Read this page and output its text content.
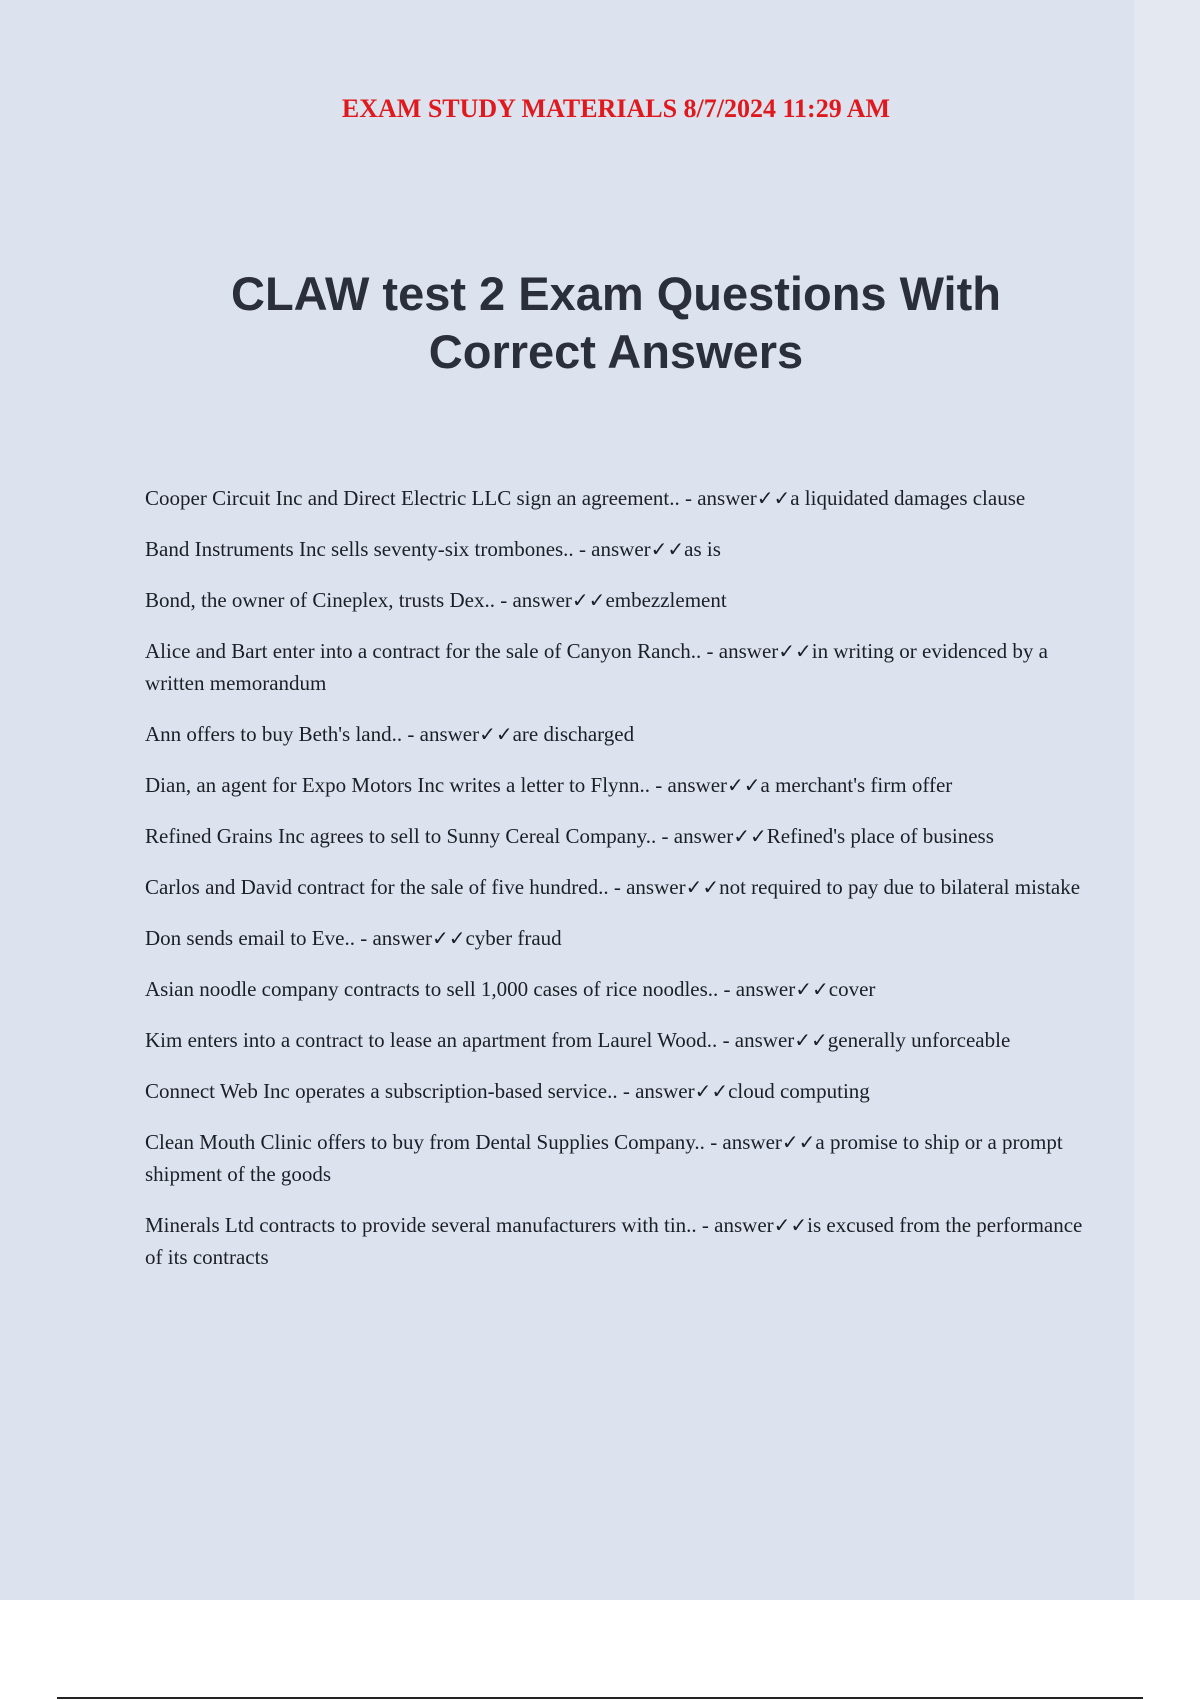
EXAM STUDY MATERIALS 8/7/2024 11:29 AM

CLAW test 2 Exam Questions With Correct Answers
Cooper Circuit Inc and Direct Electric LLC sign an agreement.. - answer✓✓a liquidated damages clause
Band Instruments Inc sells seventy-six trombones.. - answer✓✓as is
Bond, the owner of Cineplex, trusts Dex.. - answer✓✓embezzlement
Alice and Bart enter into a contract for the sale of Canyon Ranch.. - answer✓✓in writing or evidenced by a written memorandum
Ann offers to buy Beth's land.. - answer✓✓are discharged
Dian, an agent for Expo Motors Inc writes a letter to Flynn.. - answer✓✓a merchant's firm offer
Refined Grains Inc agrees to sell to Sunny Cereal Company.. - answer✓✓Refined's place of business
Carlos and David contract for the sale of five hundred.. - answer✓✓not required to pay due to bilateral mistake
Don sends email to Eve.. - answer✓✓cyber fraud
Asian noodle company contracts to sell 1,000 cases of rice noodles.. - answer✓✓cover
Kim enters into a contract to lease an apartment from Laurel Wood.. - answer✓✓generally unforceable
Connect Web Inc operates a subscription-based service.. - answer✓✓cloud computing
Clean Mouth Clinic offers to buy from Dental Supplies Company.. - answer✓✓a promise to ship or a prompt shipment of the goods
Minerals Ltd contracts to provide several manufacturers with tin.. - answer✓✓is excused from the performance of its contracts
